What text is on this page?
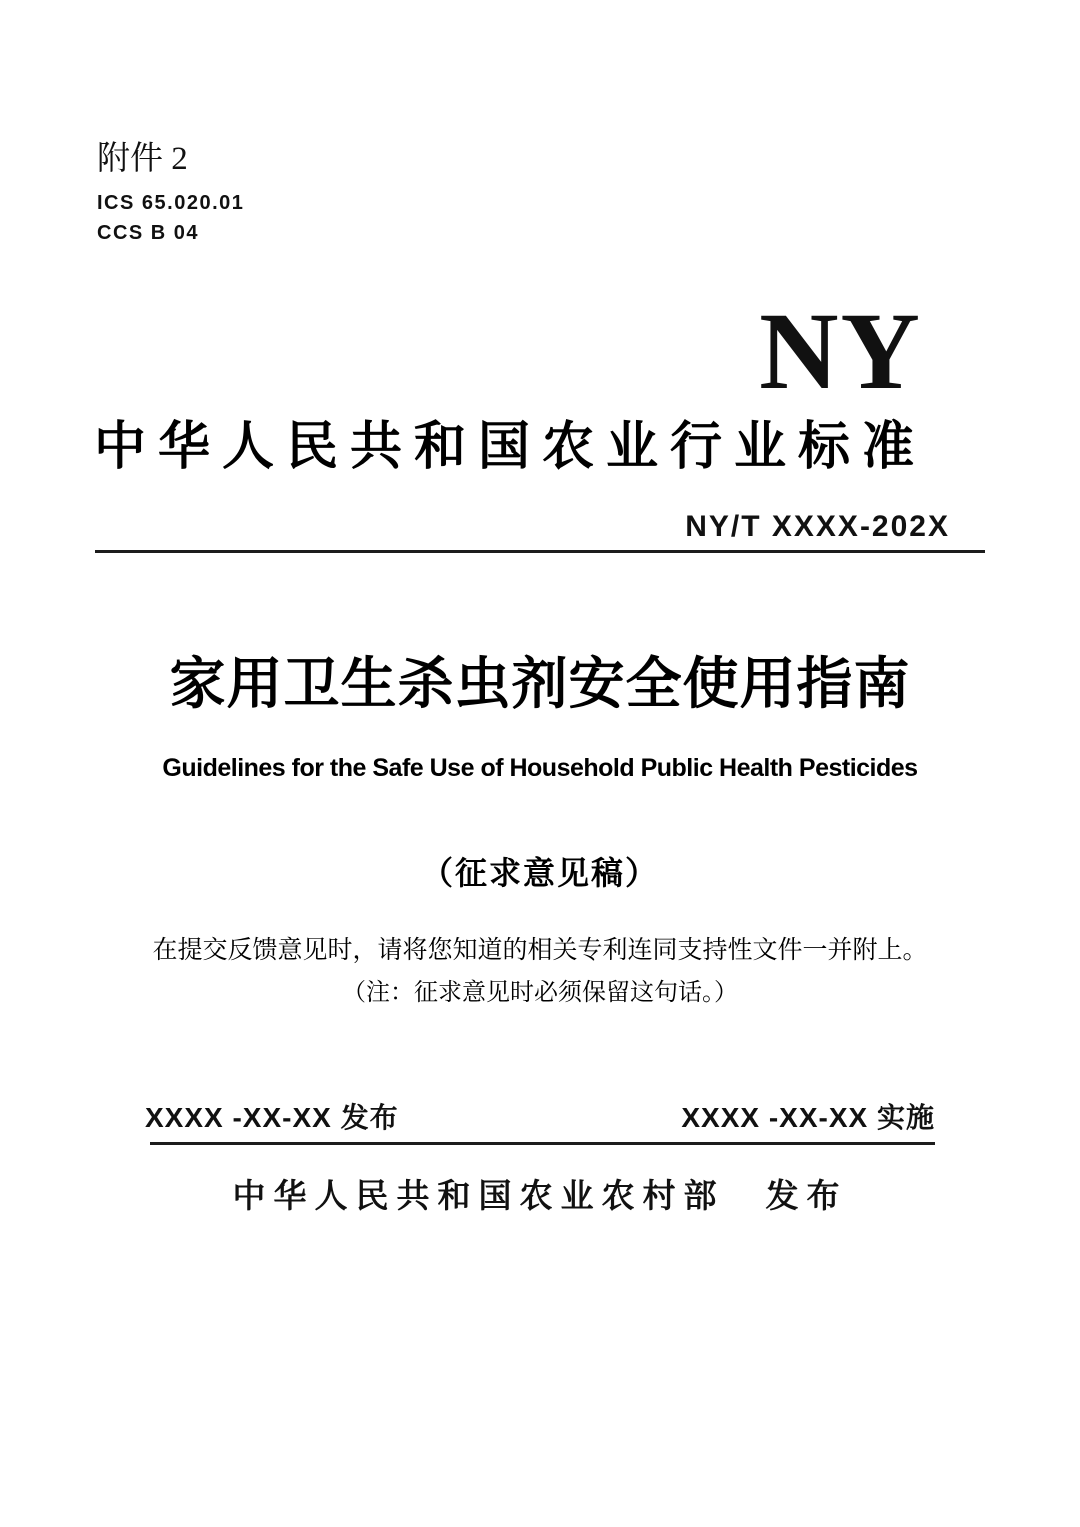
附件 2
ICS 65.020.01
CCS B 04
NY
中华人民共和国农业行业标准
NY/T XXXX-202X
家用卫生杀虫剂安全使用指南
Guidelines for the Safe Use of Household Public Health Pesticides
（征求意见稿）
在提交反馈意见时，请将您知道的相关专利连同支持性文件一并附上。
（注：征求意见时必须保留这句话。）
XXXX -XX-XX 发布	XXXX -XX-XX 实施
中华人民共和国农业农村部　发布
